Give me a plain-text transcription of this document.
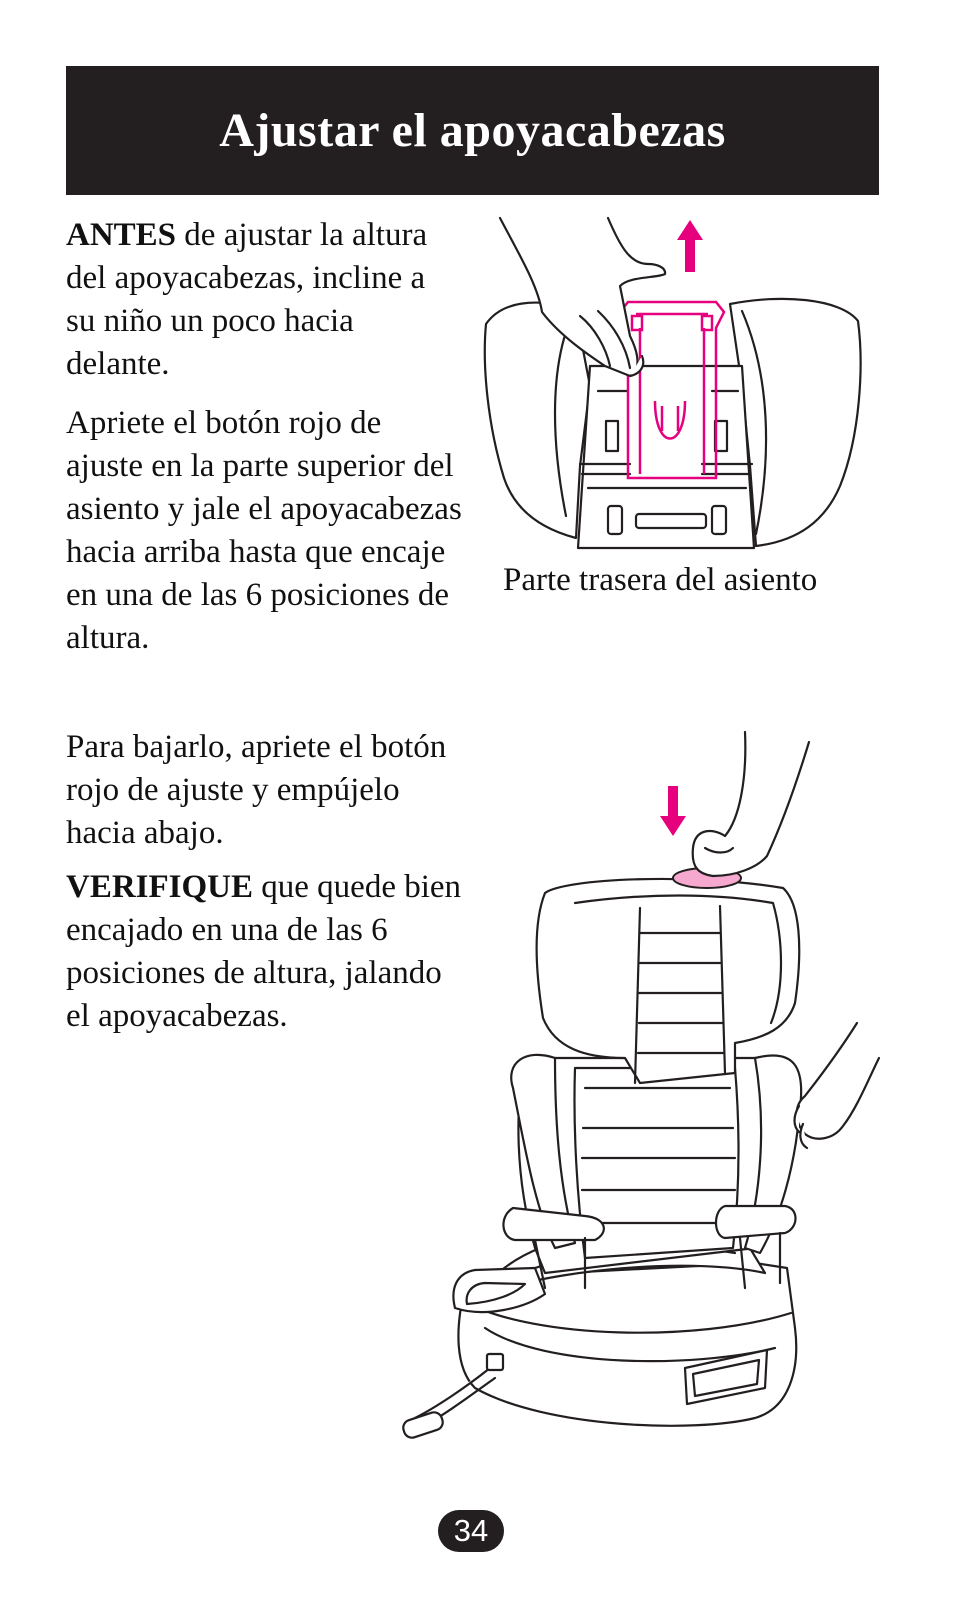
Ajustar el apoyacabezas

ANTES de ajustar la altura del apoyacabezas, incline a su niño un poco hacia delante.

Apriete el botón rojo de ajuste en la parte superior del asiento y jale el apoyacabezas hacia arriba hasta que encaje en una de las 6 posiciones de altura.

Parte trasera del asiento

Para bajarlo, apriete el botón rojo de ajuste y empújelo hacia abajo.

VERIFIQUE que quede bien encajado en una de las 6 posiciones de altura, jalando el apoyacabezas.

34
